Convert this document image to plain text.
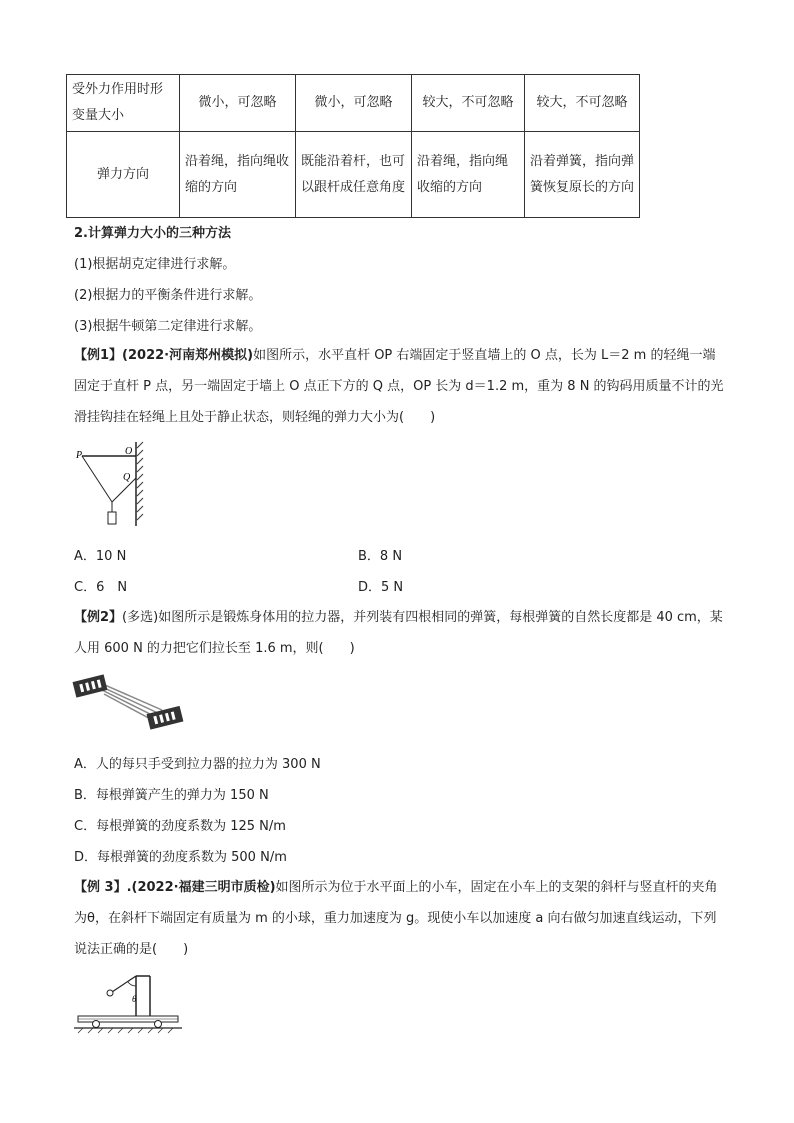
受外力作用时形变量大小	微小，可忽略	微小，可忽略	较大，不可忽略	较大，不可忽略
弹力方向	沿着绳，指向绳收缩的方向	既能沿着杆，也可以跟杆成任意角度	沿着绳，指向绳收缩的方向	沿着弹簧，指向弹簧恢复原长的方向
2.计算弹力大小的三种方法
(1)根据胡克定律进行求解。
(2)根据力的平衡条件进行求解。
(3)根据牛顿第二定律进行求解。
【例1】(2022·河南郑州模拟)如图所示，水平直杆 OP 右端固定于竖直墙上的 O 点，长为 L＝2 m 的轻绳一端固定于直杆 P 点，另一端固定于墙上 O 点正下方的 Q 点，OP 长为 d＝1.2 m，重为 8 N 的钩码用质量不计的光滑挂钩挂在轻绳上且处于静止状态，则轻绳的弹力大小为(　　)
P	O
Q
A．10 N	B．8 N
C．6　N	D．5 N
【例2】(多选)如图所示是锻炼身体用的拉力器，并列装有四根相同的弹簧，每根弹簧的自然长度都是 40 cm，某人用 600 N 的力把它们拉长至 1.6 m，则(　　)
A．人的每只手受到拉力器的拉力为 300 N
B．每根弹簧产生的弹力为 150 N
C．每根弹簧的劲度系数为 125 N/m
D．每根弹簧的劲度系数为 500 N/m
【例 3】.(2022·福建三明市质检)如图所示为位于水平面上的小车，固定在小车上的支架的斜杆与竖直杆的夹角为θ，在斜杆下端固定有质量为 m 的小球，重力加速度为 g。现使小车以加速度 a 向右做匀加速直线运动，下列说法正确的是(　　)
θ
